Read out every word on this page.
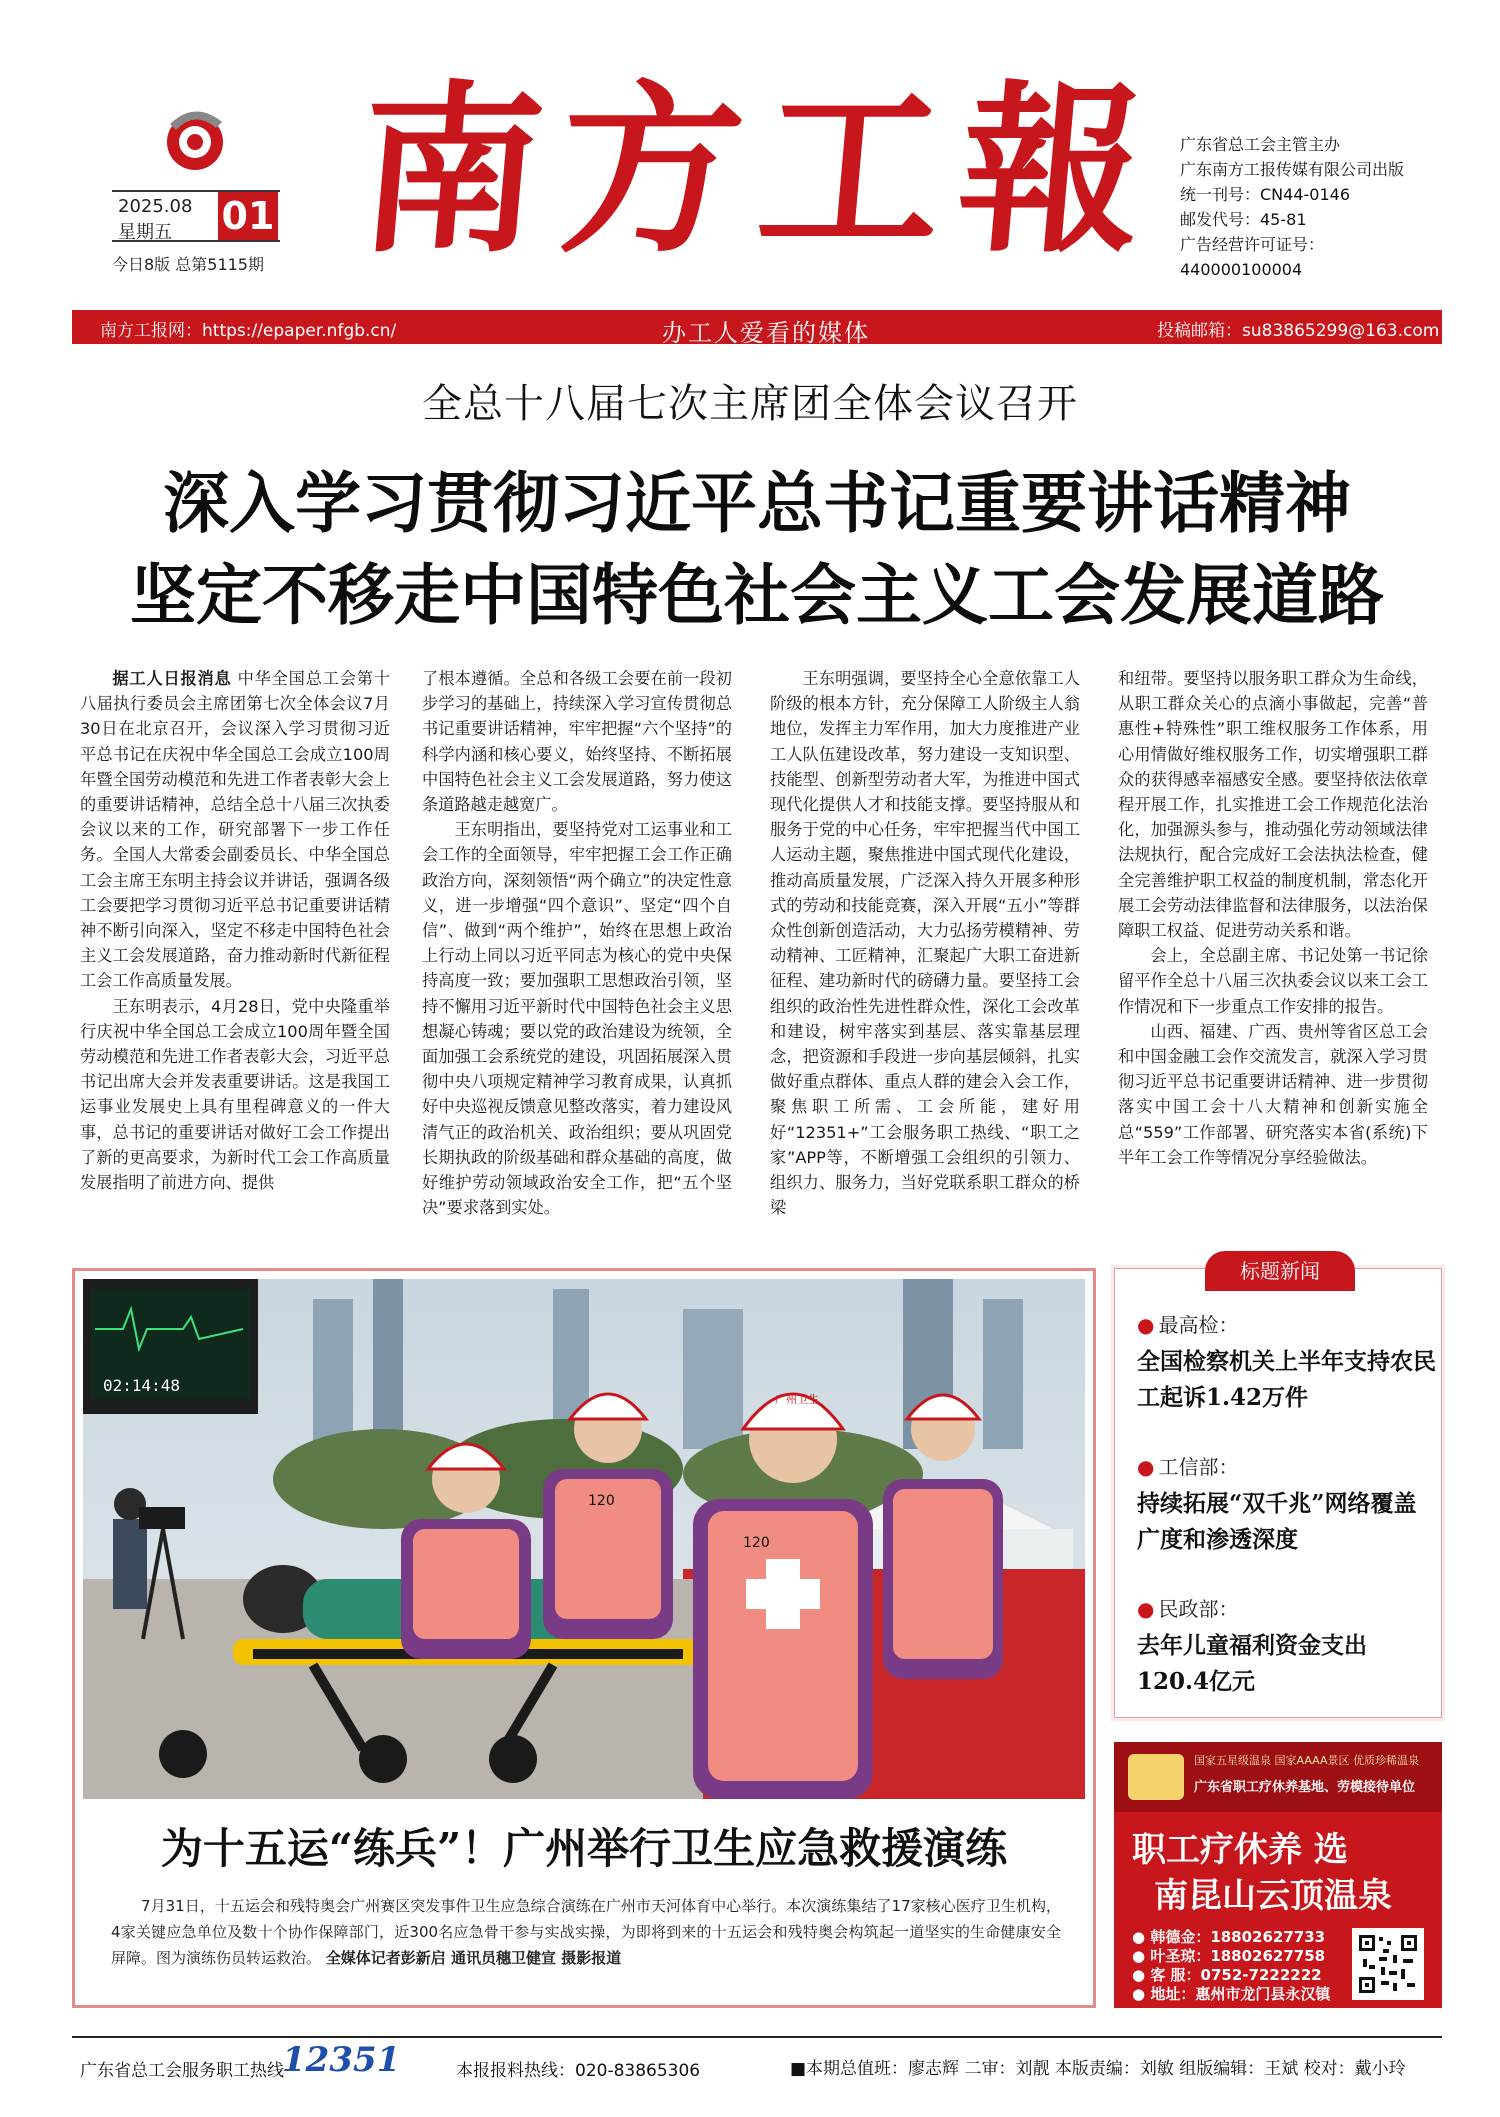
2025.08
星期五 01
今日8版 总第5115期 南方工報 广东省总工会主管主办
广东南方工报传媒有限公司出版
统一刊号：CN44-0146
邮发代号：45-81
广告经营许可证号：
440000100004
南方工报网：https://epaper.nfgb.cn/	办工人爱看的媒体	投稿邮箱：su83865299@163.com
全总十八届七次主席团全体会议召开
深入学习贯彻习近平总书记重要讲话精神
坚定不移走中国特色社会主义工会发展道路

据工人日报消息 中华全国总工会第十八届执行委员会主席团第七次全体会议7月30日在北京召开，会议深入学习贯彻习近平总书记在庆祝中华全国总工会成立100周年暨全国劳动模范和先进工作者表彰大会上的重要讲话精神，总结全总十八届三次执委会议以来的工作，研究部署下一步工作任务。全国人大常委会副委员长、中华全国总工会主席王东明主持会议并讲话，强调各级工会要把学习贯彻习近平总书记重要讲话精神不断引向深入，坚定不移走中国特色社会主义工会发展道路，奋力推动新时代新征程工会工作高质量发展。

王东明表示，4月28日，党中央隆重举行庆祝中华全国总工会成立100周年暨全国劳动模范和先进工作者表彰大会，习近平总书记出席大会并发表重要讲话。这是我国工运事业发展史上具有里程碑意义的一件大事，总书记的重要讲话对做好工会工作提出了新的更高要求，为新时代工会工作高质量发展指明了前进方向、提供

了根本遵循。全总和各级工会要在前一段初步学习的基础上，持续深入学习宣传贯彻总书记重要讲话精神，牢牢把握“六个坚持”的科学内涵和核心要义，始终坚持、不断拓展中国特色社会主义工会发展道路，努力使这条道路越走越宽广。

王东明指出，要坚持党对工运事业和工会工作的全面领导，牢牢把握工会工作正确政治方向，深刻领悟“两个确立”的决定性意义，进一步增强“四个意识”、坚定“四个自信”、做到“两个维护”，始终在思想上政治上行动上同以习近平同志为核心的党中央保持高度一致；要加强职工思想政治引领，坚持不懈用习近平新时代中国特色社会主义思想凝心铸魂；要以党的政治建设为统领，全面加强工会系统党的建设，巩固拓展深入贯彻中央八项规定精神学习教育成果，认真抓好中央巡视反馈意见整改落实，着力建设风清气正的政治机关、政治组织；要从巩固党长期执政的阶级基础和群众基础的高度，做好维护劳动领域政治安全工作，把“五个坚决”要求落到实处。

王东明强调，要坚持全心全意依靠工人阶级的根本方针，充分保障工人阶级主人翁地位，发挥主力军作用，加大力度推进产业工人队伍建设改革，努力建设一支知识型、技能型、创新型劳动者大军，为推进中国式现代化提供人才和技能支撑。要坚持服从和服务于党的中心任务，牢牢把握当代中国工人运动主题，聚焦推进中国式现代化建设，推动高质量发展，广泛深入持久开展多种形式的劳动和技能竞赛，深入开展“五小”等群众性创新创造活动，大力弘扬劳模精神、劳动精神、工匠精神，汇聚起广大职工奋进新征程、建功新时代的磅礴力量。要坚持工会组织的政治性先进性群众性，深化工会改革和建设，树牢落实到基层、落实靠基层理念，把资源和手段进一步向基层倾斜，扎实做好重点群体、重点人群的建会入会工作，聚焦职工所需、工会所能，建好用好“12351+”工会服务职工热线、“职工之家”APP等，不断增强工会组织的引领力、组织力、服务力，当好党联系职工群众的桥梁

和纽带。要坚持以服务职工群众为生命线，从职工群众关心的点滴小事做起，完善“普惠性+特殊性”职工维权服务工作体系，用心用情做好维权服务工作，切实增强职工群众的获得感幸福感安全感。要坚持依法依章程开展工作，扎实推进工会工作规范化法治化，加强源头参与，推动强化劳动领域法律法规执行，配合完成好工会法执法检查，健全完善维护职工权益的制度机制，常态化开展工会劳动法律监督和法律服务，以法治保障职工权益、促进劳动关系和谐。

会上，全总副主席、书记处第一书记徐留平作全总十八届三次执委会议以来工会工作情况和下一步重点工作安排的报告。

山西、福建、广西、贵州等省区总工会和中国金融工会作交流发言，就深入学习贯彻习近平总书记重要讲话精神、进一步贯彻落实中国工会十八大精神和创新实施全总“559”工作部署、研究落实本省(系统)下半年工会工作等情况分享经验做法。

02:14:48
120
120
广州卫生
为十五运“练兵”！广州举行卫生应急救援演练
7月31日，十五运会和残特奥会广州赛区突发事件卫生应急综合演练在广州市天河体育中心举行。本次演练集结了17家核心医疗卫生机构，4家关键应急单位及数十个协作保障部门，近300名应急骨干参与实战实操，为即将到来的十五运会和残特奥会构筑起一道坚实的生命健康安全屏障。图为演练伤员转运救治。 全媒体记者彭新启 通讯员穗卫健宣 摄影报道
标题新闻
● 最高检：
全国检察机关上半年支持农民工起诉1.42万件
● 工信部：
持续拓展“双千兆”网络覆盖广度和渗透深度
● 民政部：
去年儿童福利资金支出120.4亿元
国家五星级温泉 国家AAAA景区 优质珍稀温泉
广东省职工疗休养基地、劳模接待单位
职工疗休养 选
南昆山云顶温泉
● 韩德金：18802627733
● 叶圣琼：18802627758
● 客 服：0752-7222222
● 地址：惠州市龙门县永汉镇
广东省总工会服务职工热线
12351	本报报料热线：020-83865306	■本期总值班：廖志辉 二审：刘靓 本版责编：刘敏 组版编辑：王斌 校对：戴小玲
